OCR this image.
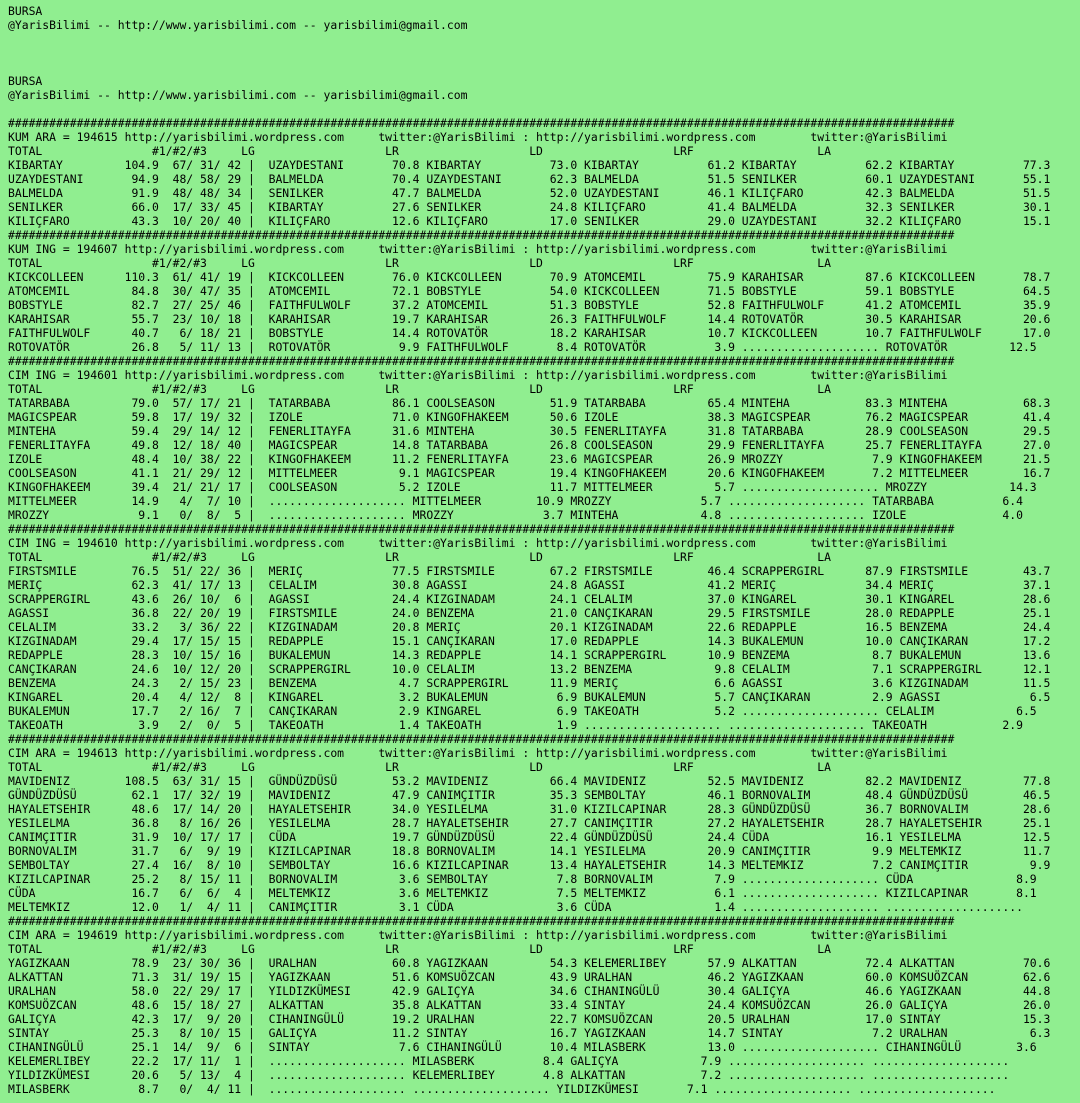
BURSA
@YarisBilimi -- http://www.yarisbilimi.com -- yarisbilimi@gmail.com
BURSA
@YarisBilimi -- http://www.yarisbilimi.com -- yarisbilimi@gmail.com
##########################################################################################################################################
KUM ARA = 194615 http://yarisbilimi.wordpress.com     twitter:@YarisBilimi : http://yarisbilimi.wordpress.com        twitter:@YarisBilimi
TOTAL                #1/#2/#3     LG                   LR                   LD                   LRF                  LA
KIBARTAY         104.9  67/ 31/ 42 |  UZAYDESTANI       70.8 KIBARTAY          73.0 KIBARTAY          61.2 KIBARTAY          62.2 KIBARTAY          77.3
UZAYDESTANI       94.9  48/ 58/ 29 |  BALMELDA          70.4 UZAYDESTANI       62.3 BALMELDA          51.5 SENILKER          60.1 UZAYDESTANI       55.1
BALMELDA          91.9  48/ 48/ 34 |  SENILKER          47.7 BALMELDA          52.0 UZAYDESTANI       46.1 KILIÇFARO         42.3 BALMELDA          51.5
SENILKER          66.0  17/ 33/ 45 |  KIBARTAY          27.6 SENILKER          24.8 KILIÇFARO         41.4 BALMELDA          32.3 SENILKER          30.1
KILIÇFARO         43.3  10/ 20/ 40 |  KILIÇFARO         12.6 KILIÇFARO         17.0 SENILKER          29.0 UZAYDESTANI       32.2 KILIÇFARO         15.1
##########################################################################################################################################
KUM ING = 194607 http://yarisbilimi.wordpress.com     twitter:@YarisBilimi : http://yarisbilimi.wordpress.com        twitter:@YarisBilimi
TOTAL                #1/#2/#3     LG                   LR                   LD                   LRF                  LA
KICKCOLLEEN      110.3  61/ 41/ 19 |  KICKCOLLEEN       76.0 KICKCOLLEEN       70.9 ATOMCEMIL         75.9 KARAHISAR         87.6 KICKCOLLEEN       78.7
ATOMCEMIL         84.8  30/ 47/ 35 |  ATOMCEMIL         72.1 BOBSTYLE          54.0 KICKCOLLEEN       71.5 BOBSTYLE          59.1 BOBSTYLE          64.5
BOBSTYLE          82.7  27/ 25/ 46 |  FAITHFULWOLF      37.2 ATOMCEMIL         51.3 BOBSTYLE          52.8 FAITHFULWOLF      41.2 ATOMCEMIL         35.9
KARAHISAR         55.7  23/ 10/ 18 |  KARAHISAR         19.7 KARAHISAR         26.3 FAITHFULWOLF      14.4 ROTOVATÖR         30.5 KARAHISAR         20.6
FAITHFULWOLF      40.7   6/ 18/ 21 |  BOBSTYLE          14.4 ROTOVATÖR         18.2 KARAHISAR         10.7 KICKCOLLEEN       10.7 FAITHFULWOLF      17.0
ROTOVATÖR         26.8   5/ 11/ 13 |  ROTOVATÖR          9.9 FAITHFULWOLF       8.4 ROTOVATÖR          3.9 .................... ROTOVATÖR         12.5
##########################################################################################################################################
CIM ING = 194601 http://yarisbilimi.wordpress.com     twitter:@YarisBilimi : http://yarisbilimi.wordpress.com        twitter:@YarisBilimi
TOTAL                #1/#2/#3     LG                   LR                   LD                   LRF                  LA
TATARBABA         79.0  57/ 17/ 21 |  TATARBABA         86.1 COOLSEASON        51.9 TATARBABA         65.4 MINTEHA           83.3 MINTEHA           68.3
MAGICSPEAR        59.8  17/ 19/ 32 |  IZOLE             71.0 KINGOFHAKEEM      50.6 IZOLE             38.3 MAGICSPEAR        76.2 MAGICSPEAR        41.4
MINTEHA           59.4  29/ 14/ 12 |  FENERLITAYFA      31.6 MINTEHA           30.5 FENERLITAYFA      31.8 TATARBABA         28.9 COOLSEASON        29.5
FENERLITAYFA      49.8  12/ 18/ 40 |  MAGICSPEAR        14.8 TATARBABA         26.8 COOLSEASON        29.9 FENERLITAYFA      25.7 FENERLITAYFA      27.0
IZOLE             48.4  10/ 38/ 22 |  KINGOFHAKEEM      11.2 FENERLITAYFA      23.6 MAGICSPEAR        26.9 MROZZY             7.9 KINGOFHAKEEM      21.5
COOLSEASON        41.1  21/ 29/ 12 |  MITTELMEER         9.1 MAGICSPEAR        19.4 KINGOFHAKEEM      20.6 KINGOFHAKEEM       7.2 MITTELMEER        16.7
KINGOFHAKEEM      39.4  21/ 21/ 17 |  COOLSEASON         5.2 IZOLE             11.7 MITTELMEER         5.7 .................... MROZZY            14.3
MITTELMEER        14.9   4/  7/ 10 |  .................... MITTELMEER        10.9 MROZZY             5.7 .................... TATARBABA          6.4
MROZZY             9.1   0/  8/  5 |  .................... MROZZY             3.7 MINTEHA            4.8 .................... IZOLE              4.0
##########################################################################################################################################
CIM ING = 194610 http://yarisbilimi.wordpress.com     twitter:@YarisBilimi : http://yarisbilimi.wordpress.com        twitter:@YarisBilimi
TOTAL                #1/#2/#3     LG                   LR                   LD                   LRF                  LA
FIRSTSMILE        76.5  51/ 22/ 36 |  MERIÇ             77.5 FIRSTSMILE        67.2 FIRSTSMILE        46.4 SCRAPPERGIRL      87.9 FIRSTSMILE        43.7
MERIÇ             62.3  41/ 17/ 13 |  CELALIM           30.8 AGASSI            24.8 AGASSI            41.2 MERIÇ             34.4 MERIÇ             37.1
SCRAPPERGIRL      43.6  26/ 10/  6 |  AGASSI            24.4 KIZGINADAM        24.1 CELALIM           37.0 KINGAREL          30.1 KINGAREL          28.6
AGASSI            36.8  22/ 20/ 19 |  FIRSTSMILE        24.0 BENZEMA           21.0 CANÇIKARAN        29.5 FIRSTSMILE        28.0 REDAPPLE          25.1
CELALIM           33.2   3/ 36/ 22 |  KIZGINADAM        20.8 MERIÇ             20.1 KIZGINADAM        22.6 REDAPPLE          16.5 BENZEMA           24.4
KIZGINADAM        29.4  17/ 15/ 15 |  REDAPPLE          15.1 CANÇIKARAN        17.0 REDAPPLE          14.3 BUKALEMUN         10.0 CANÇIKARAN        17.2
REDAPPLE          28.3  10/ 15/ 16 |  BUKALEMUN         14.3 REDAPPLE          14.1 SCRAPPERGIRL      10.9 BENZEMA            8.7 BUKALEMUN         13.6
CANÇIKARAN        24.6  10/ 12/ 20 |  SCRAPPERGIRL      10.0 CELALIM           13.2 BENZEMA            9.8 CELALIM            7.1 SCRAPPERGIRL      12.1
BENZEMA           24.3   2/ 15/ 23 |  BENZEMA            4.7 SCRAPPERGIRL      11.9 MERIÇ              6.6 AGASSI             3.6 KIZGINADAM        11.5
KINGAREL          20.4   4/ 12/  8 |  KINGAREL           3.2 BUKALEMUN          6.9 BUKALEMUN          5.7 CANÇIKARAN         2.9 AGASSI             6.5
BUKALEMUN         17.7   2/ 16/  7 |  CANÇIKARAN         2.9 KINGAREL           6.9 TAKEOATH           5.2 .................... CELALIM            6.5
TAKEOATH           3.9   2/  0/  5 |  TAKEOATH           1.4 TAKEOATH           1.9 .................... .................... TAKEOATH           2.9
##########################################################################################################################################
CIM ARA = 194613 http://yarisbilimi.wordpress.com     twitter:@YarisBilimi : http://yarisbilimi.wordpress.com        twitter:@YarisBilimi
TOTAL                #1/#2/#3     LG                   LR                   LD                   LRF                  LA
MAVIDENIZ        108.5  63/ 31/ 15 |  GÜNDÜZDÜSÜ        53.2 MAVIDENIZ         66.4 MAVIDENIZ         52.5 MAVIDENIZ         82.2 MAVIDENIZ         77.8
GÜNDÜZDÜSÜ        62.1  17/ 32/ 19 |  MAVIDENIZ         47.9 CANIMÇITIR        35.3 SEMBOLTAY         46.1 BORNOVALIM        48.4 GÜNDÜZDÜSÜ        46.5
HAYALETSEHIR      48.6  17/ 14/ 20 |  HAYALETSEHIR      34.0 YESILELMA         31.0 KIZILCAPINAR      28.3 GÜNDÜZDÜSÜ        36.7 BORNOVALIM        28.6
YESILELMA         36.8   8/ 16/ 26 |  YESILELMA         28.7 HAYALETSEHIR      27.7 CANIMÇITIR        27.2 HAYALETSEHIR      28.7 HAYALETSEHIR      25.1
CANIMÇITIR        31.9  10/ 17/ 17 |  CÜDA              19.7 GÜNDÜZDÜSÜ        22.4 GÜNDÜZDÜSÜ        24.4 CÜDA              16.1 YESILELMA         12.5
BORNOVALIM        31.7   6/  9/ 19 |  KIZILCAPINAR      18.8 BORNOVALIM        14.1 YESILELMA         20.9 CANIMÇITIR         9.9 MELTEMKIZ         11.7
SEMBOLTAY         27.4  16/  8/ 10 |  SEMBOLTAY         16.6 KIZILCAPINAR      13.4 HAYALETSEHIR      14.3 MELTEMKIZ          7.2 CANIMÇITIR         9.9
KIZILCAPINAR      25.2   8/ 15/ 11 |  BORNOVALIM         3.6 SEMBOLTAY          7.8 BORNOVALIM         7.9 .................... CÜDA               8.9
CÜDA              16.7   6/  6/  4 |  MELTEMKIZ          3.6 MELTEMKIZ          7.5 MELTEMKIZ          6.1 .................... KIZILCAPINAR       8.1
MELTEMKIZ         12.0   1/  4/ 11 |  CANIMÇITIR         3.1 CÜDA               3.6 CÜDA               1.4 .................... ....................
##########################################################################################################################################
CIM ARA = 194619 http://yarisbilimi.wordpress.com     twitter:@YarisBilimi : http://yarisbilimi.wordpress.com        twitter:@YarisBilimi
TOTAL                #1/#2/#3     LG                   LR                   LD                   LRF                  LA
YAGIZKAAN         78.9  23/ 30/ 36 |  URALHAN           60.8 YAGIZKAAN         54.3 KELEMERLIBEY      57.9 ALKATTAN          72.4 ALKATTAN          70.6
ALKATTAN          71.3  31/ 19/ 15 |  YAGIZKAAN         51.6 KOMSUÖZCAN        43.9 URALHAN           46.2 YAGIZKAAN         60.0 KOMSUÖZCAN        62.6
URALHAN           58.0  22/ 29/ 17 |  YILDIZKÜMESI      42.9 GALIÇYA           34.6 CIHANINGÜLÜ       30.4 GALIÇYA           46.6 YAGIZKAAN         44.8
KOMSUÖZCAN        48.6  15/ 18/ 27 |  ALKATTAN          35.8 ALKATTAN          33.4 SINTAY            24.4 KOMSUÖZCAN        26.0 GALIÇYA           26.0
GALIÇYA           42.3  17/  9/ 20 |  CIHANINGÜLÜ       19.2 URALHAN           22.7 KOMSUÖZCAN        20.5 URALHAN           17.0 SINTAY            15.3
SINTAY            25.3   8/ 10/ 15 |  GALIÇYA           11.2 SINTAY            16.7 YAGIZKAAN         14.7 SINTAY             7.2 URALHAN            6.3
CIHANINGÜLÜ       25.1  14/  9/  6 |  SINTAY             7.6 CIHANINGÜLÜ       10.4 MILASBERK         13.0 .................... CIHANINGÜLÜ        3.6
KELEMERLIBEY      22.2  17/ 11/  1 |  .................... MILASBERK          8.4 GALIÇYA            7.9 .................... ....................
YILDIZKÜMESI      20.6   5/ 13/  4 |  .................... KELEMERLIBEY       4.8 ALKATTAN           7.2 .................... ....................
MILASBERK          8.7   0/  4/ 11 |  .................... .................... YILDIZKÜMESI       7.1 .................... ....................
